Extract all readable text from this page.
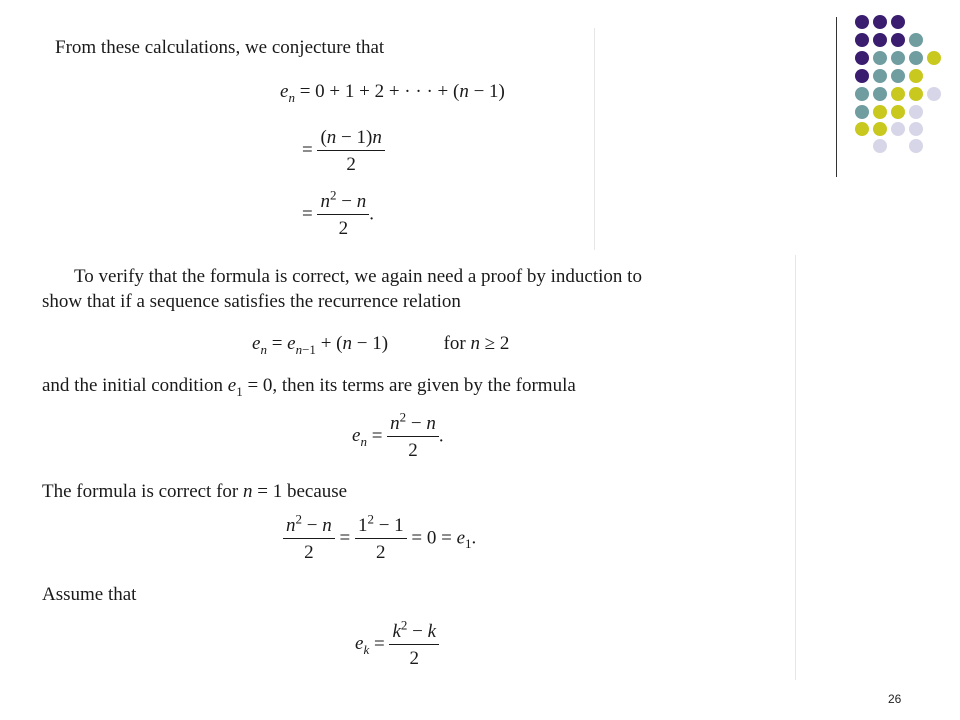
From these calculations, we conjecture that
$e_n = 0 + 1 + 2$ + · · · + (n − 1)
= $\frac{(n - 1)n}{2}$
= $\frac{n^2 - n}{2}$ .
To verify that the formula is correct, we again need a proof by induction to
show that if a sequence satisfies the recurrence relation
$e_n = e_{n-1} + (n - 1)$	for n ≥ 2
and the initial condition $e_1 = 0$, then its terms are given by the formula
$e_n = \frac{n^2 - n}{2}$ .
The formula is correct for n = 1 because
$\frac{n^2 - n}{2} = \frac{1^2 - 1}{2} = 0 = e_1$.
Assume that
$e_k = \frac{k^2 - k}{2}$
26
